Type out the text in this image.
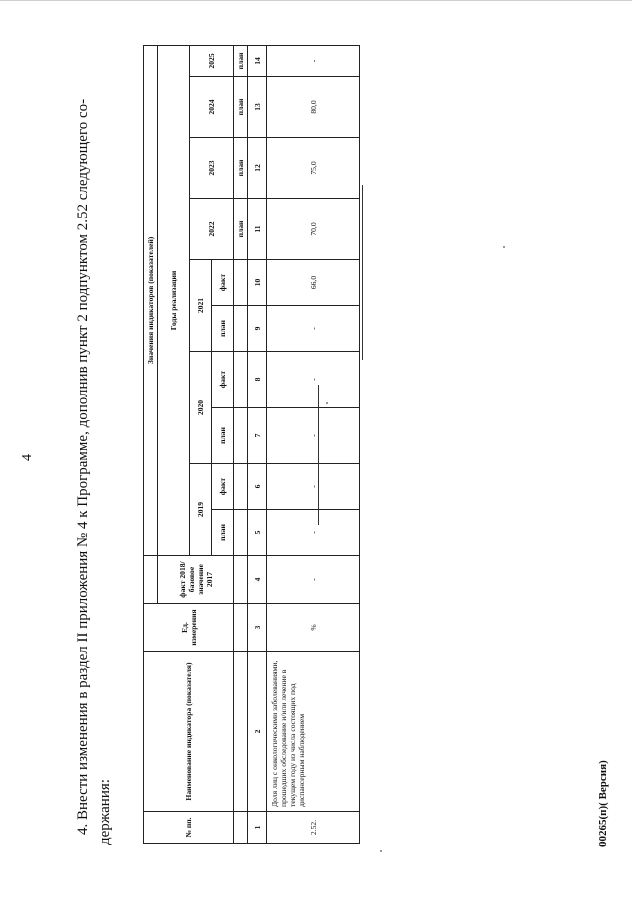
4	4. Внести изменения в раздел II приложения № 4 к Программе, дополнив пункт 2 подпунктом 2.52 следующего со- держания:	№ пп.	Наименование индикатора (показателя)	Ед. измерения		Значения индикаторов (показателей)									
			факт 2018/базовое значение 2017	Годы реализации									
				2019		2020		2021		2022	2023	2024	2025
				план	факт	план	факт	план	факт				
										план	план	план	план
1	2	3	4	5	6	7	8	9	10	11	12	13	14
2.52.	Доля лиц с онкологическими заболеваниями, прошедших обследование и/или лечение в текущем году из числа состоящих под диспансерным наблюдением	%	-	-	-	-	-	-	66,0	70,0	75,0	80,0	-
00265(п)( Версия)
